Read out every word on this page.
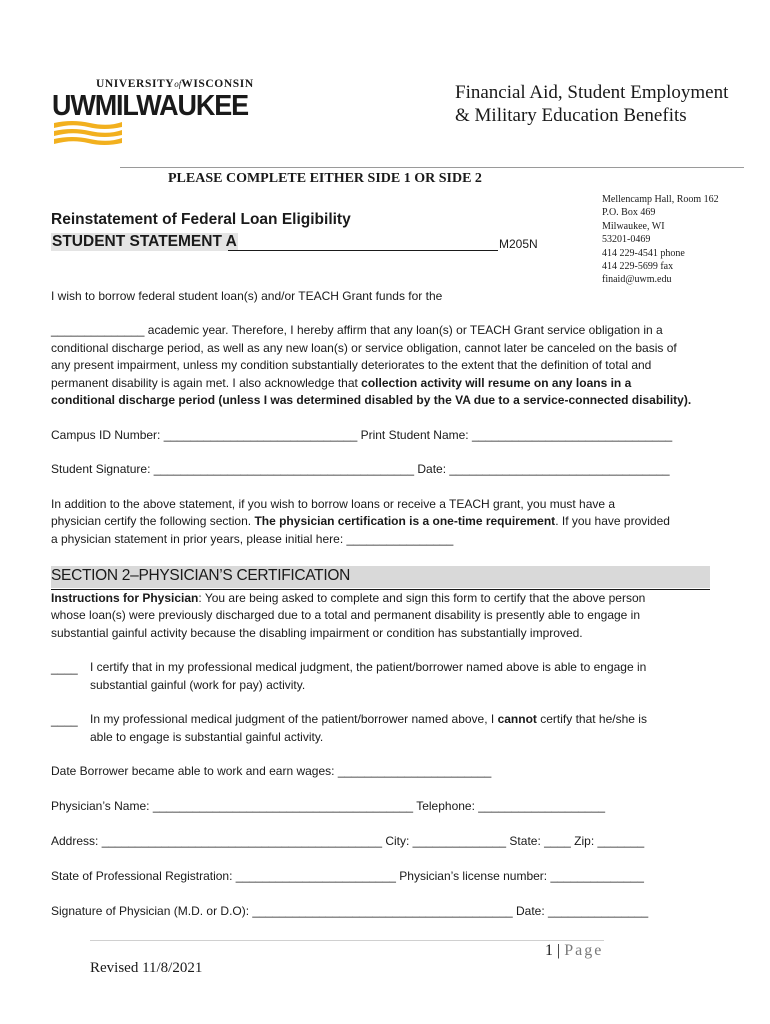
UNIVERSITYofWISCONSIN
UWMILWAUKEE	Financial Aid, Student Employment
& Military Education Benefits
PLEASE COMPLETE EITHER SIDE 1 OR SIDE 2
Mellencamp Hall, Room 162
P.O. Box 469
Milwaukee, WI
53201-0469
414 229-4541 phone
414 229-5699 fax
finaid@uwm.edu
Reinstatement of Federal Loan Eligibility
STUDENT STATEMENT A	M205N
I wish to borrow federal student loan(s) and/or TEACH Grant funds for the
______________ academic year. Therefore, I hereby affirm that any loan(s) or TEACH Grant service obligation in a
conditional discharge period, as well as any new loan(s) or service obligation, cannot later be canceled on the basis of
any present impairment, unless my condition substantially deteriorates to the extent that the definition of total and
permanent disability is again met. I also acknowledge that collection activity will resume on any loans in a
conditional discharge period (unless I was determined disabled by the VA due to a service-connected disability).
Campus ID Number: _____________________________ Print Student Name: ______________________________
Student Signature: _______________________________________ Date: _________________________________
In addition to the above statement, if you wish to borrow loans or receive a TEACH grant, you must have a
physician certify the following section. The physician certification is a one-time requirement. If you have provided
a physician statement in prior years, please initial here: ________________
SECTION 2–PHYSICIAN’S CERTIFICATION
Instructions for Physician: You are being asked to complete and sign this form to certify that the above person
whose loan(s) were previously discharged due to a total and permanent disability is presently able to engage in
substantial gainful activity because the disabling impairment or condition has substantially improved.
____ I certify that in my professional medical judgment, the patient/borrower named above is able to engage in
substantial gainful (work for pay) activity.
____ In my professional medical judgment of the patient/borrower named above, I cannot certify that he/she is
able to engage is substantial gainful activity.
Date Borrower became able to work and earn wages: _______________________
Physician’s Name: _______________________________________ Telephone: ___________________
Address: __________________________________________ City: ______________ State: ____ Zip: _______
State of Professional Registration: ________________________ Physician’s license number: ______________
Signature of Physician (M.D. or D.O): _______________________________________ Date: _______________
1 | Page
Revised 11/8/2021
